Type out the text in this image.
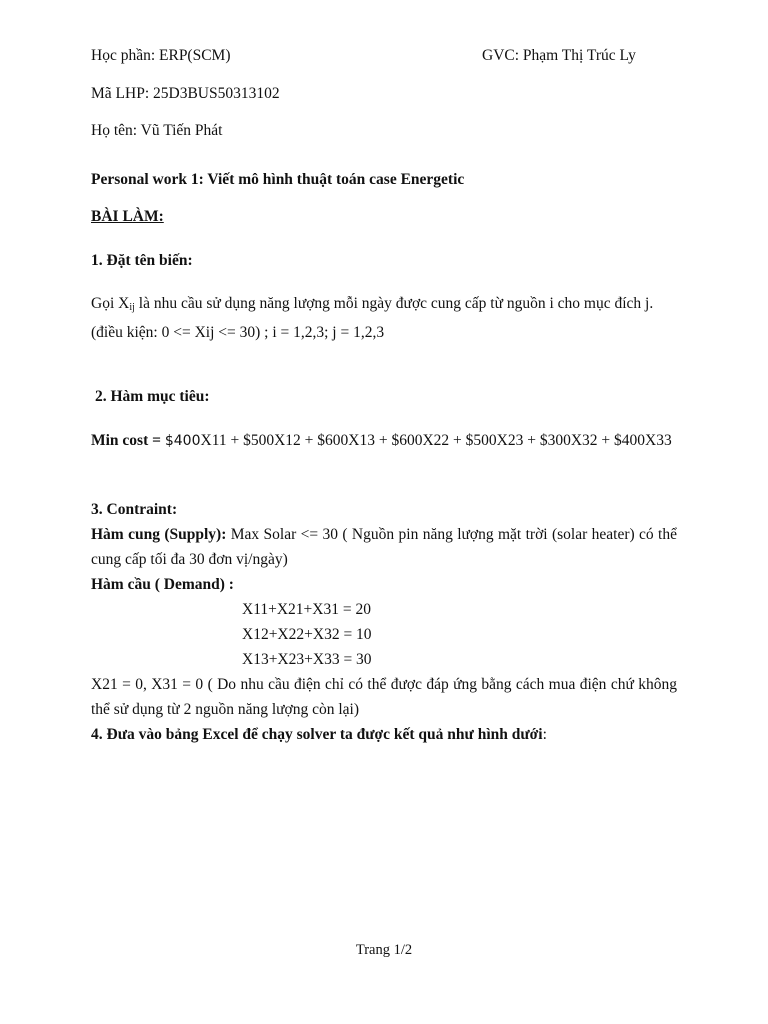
Học phần: ERP(SCM)	GVC: Phạm Thị Trúc Ly
Mã LHP: 25D3BUS50313102
Họ tên: Vũ Tiến Phát
Personal work 1: Viết mô hình thuật toán case Energetic
BÀI LÀM:
1. Đặt tên biến:
Gọi $X_{ij}$ là nhu cầu sử dụng năng lượng mỗi ngày được cung cấp từ nguồn i cho mục đích j.
(điều kiện: 0 <= Xij <= 30) ; i = 1,2,3; j = 1,2,3
2. Hàm mục tiêu:
Min cost = $400X11 + $500X12 + $600X13 + $600X22 + $500X23 + $300X32 + $400X33
3. Contraint:
Hàm cung (Supply): Max Solar <= 30 ( Nguồn pin năng lượng mặt trời (solar heater) có thể cung cấp tối đa 30 đơn vị/ngày)
Hàm cầu ( Demand) :
X11+X21+X31 = 20
X12+X22+X32 = 10
X13+X23+X33 = 30
X21 = 0, X31 = 0 ( Do nhu cầu điện chỉ có thể được đáp ứng bằng cách mua điện chứ không thể sử dụng từ 2 nguồn năng lượng còn lại)
4. Đưa vào bảng Excel để chạy solver ta được kết quả như hình dưới:
Trang 1/2
